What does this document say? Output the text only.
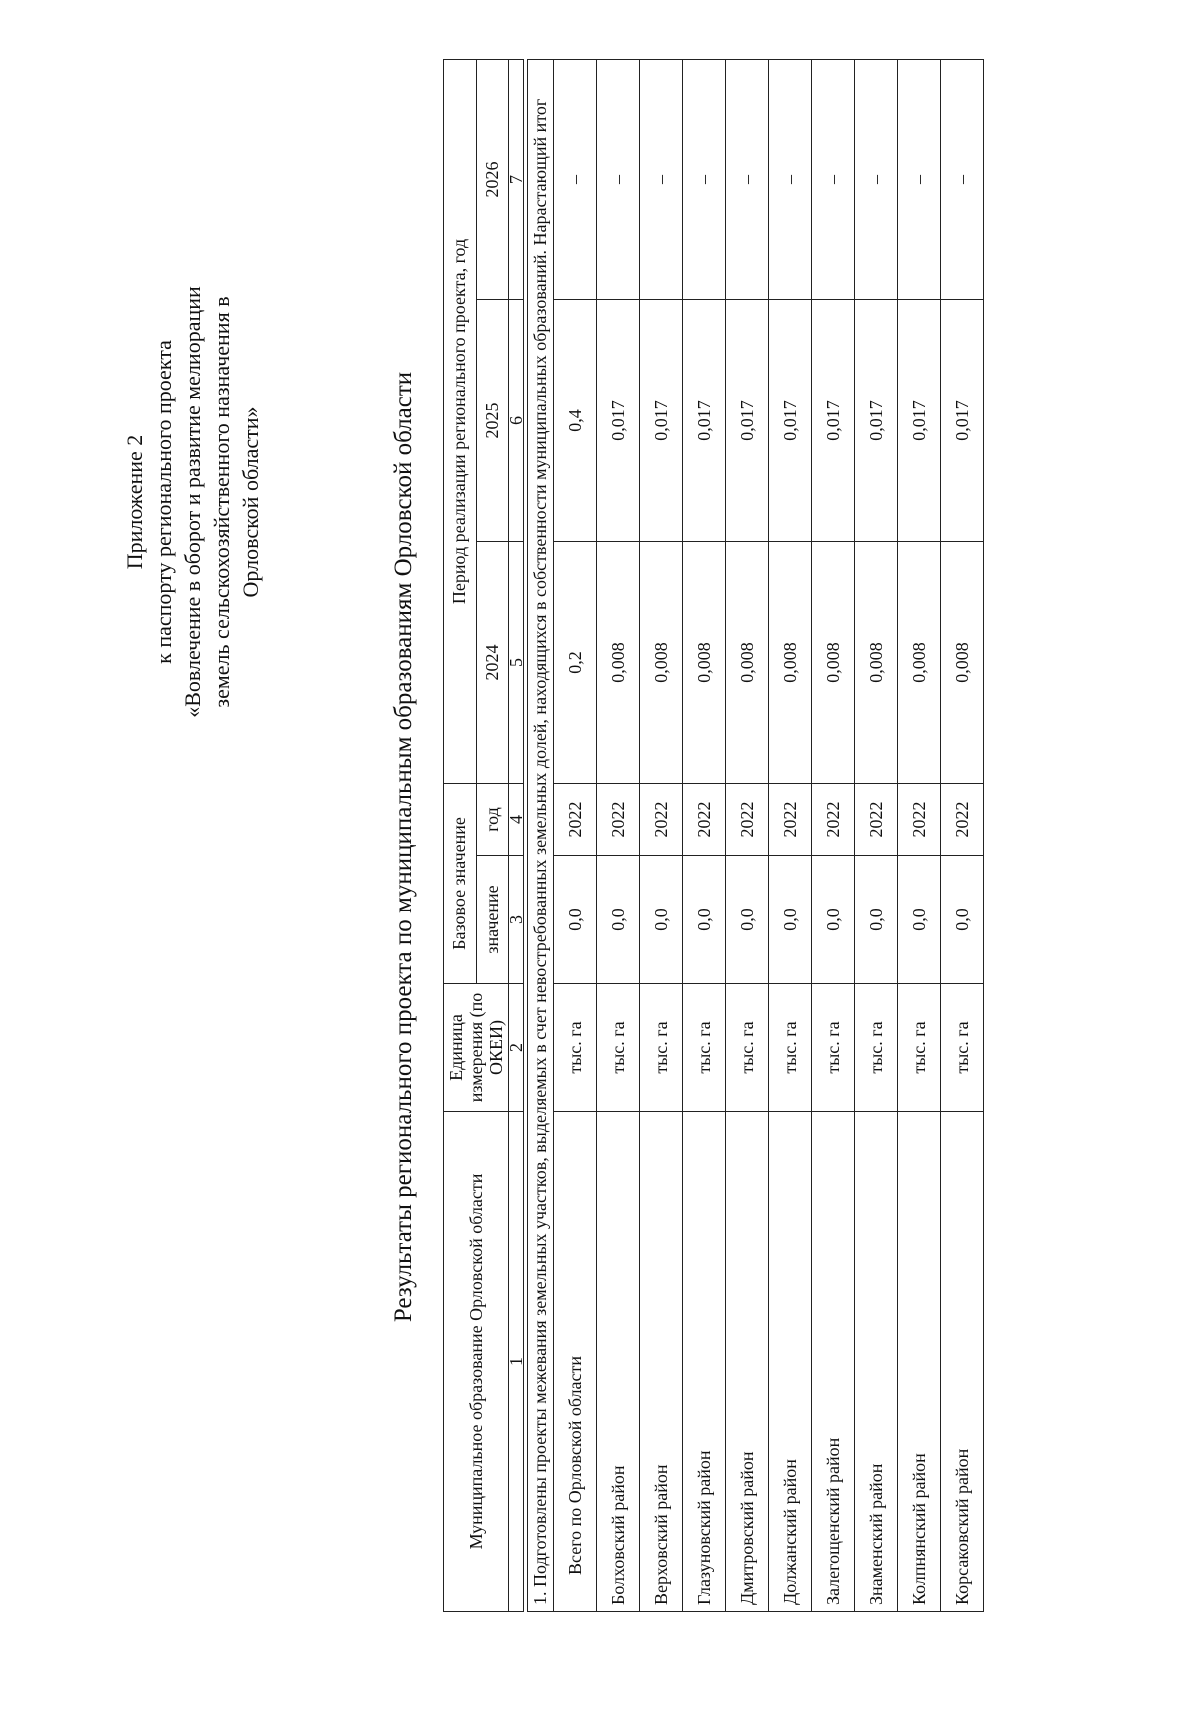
Приложение 2 к паспорту регионального проекта «Вовлечение в оборот и развитие мелиорации земель сельскохозяйственного назначения в Орловской области»	Результаты регионального проекта по муниципальным образованиям Орловской области
Муниципальное образование Орловской области	Единица измерения (по ОКЕИ)	Базовое значение		Период реализации регионального проекта, год		
		значение	год	2024	2025	2026
1	2	3	4	5	6	7

1. Подготовлены проекты межевания земельных участков, выделяемых в счет невостребованных земельных долей, находящихся в собственности муниципальных образований. Нарастающий итог						
Всего по Орловской области	тыс. га	0,0	2022	0,2	0,4	–
Болховский район	тыс. га	0,0	2022	0,008	0,017	–
Верховский район	тыс. га	0,0	2022	0,008	0,017	–
Глазуновский район	тыс. га	0,0	2022	0,008	0,017	–
Дмитровский район	тыс. га	0,0	2022	0,008	0,017	–
Должанский район	тыс. га	0,0	2022	0,008	0,017	–
Залегощенский район	тыс. га	0,0	2022	0,008	0,017	–
Знаменский район	тыс. га	0,0	2022	0,008	0,017	–
Колпнянский район	тыс. га	0,0	2022	0,008	0,017	–
Корсаковский район	тыс. га	0,0	2022	0,008	0,017	–
